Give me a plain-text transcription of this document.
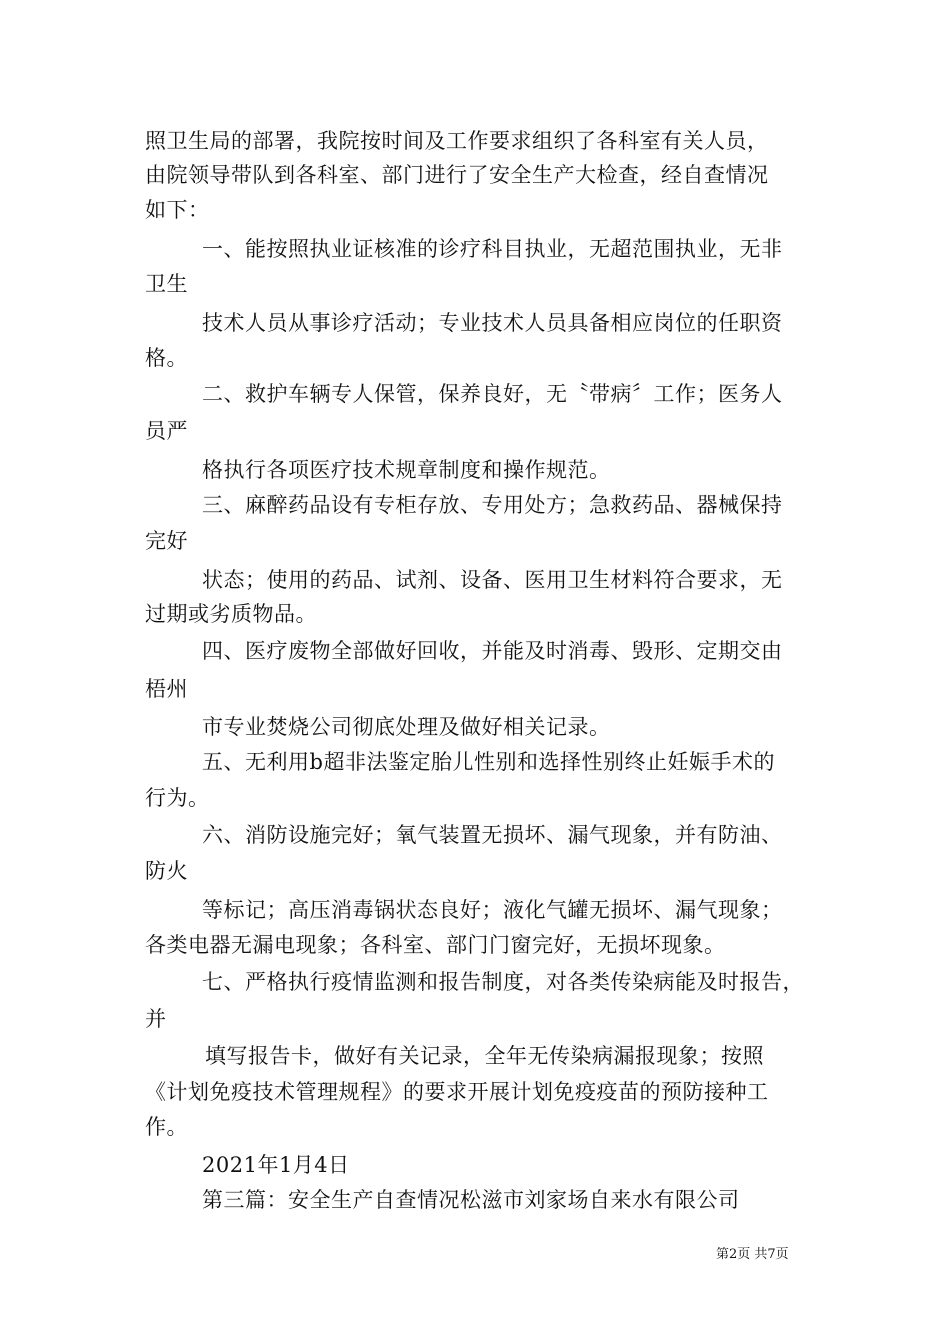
照卫生局的部署，我院按时间及工作要求组织了各科室有关人员，
由院领导带队到各科室、部门进行了安全生产大检查，经自查情况
如下：
一、能按照执业证核准的诊疗科目执业，无超范围执业，无非
卫生
技术人员从事诊疗活动；专业技术人员具备相应岗位的任职资
格。
二、救护车辆专人保管，保养良好，无〝带病〞工作；医务人
员严
格执行各项医疗技术规章制度和操作规范。
三、麻醉药品设有专柜存放、专用处方；急救药品、器械保持
完好
状态；使用的药品、试剂、设备、医用卫生材料符合要求，无
过期或劣质物品。
四、医疗废物全部做好回收，并能及时消毒、毁形、定期交由
梧州
市专业焚烧公司彻底处理及做好相关记录。
五、无利用b超非法鉴定胎儿性别和选择性别终止妊娠手术的
行为。
六、消防设施完好；氧气装置无损坏、漏气现象，并有防油、
防火
等标记；高压消毒锅状态良好；液化气罐无损坏、漏气现象；
各类电器无漏电现象；各科室、部门门窗完好，无损坏现象。
七、严格执行疫情监测和报告制度，对各类传染病能及时报告，
并
填写报告卡，做好有关记录，全年无传染病漏报现象；按照
《计划免疫技术管理规程》的要求开展计划免疫疫苗的预防接种工
作。
2021年1月4日
第三篇：安全生产自查情况松滋市刘家场自来水有限公司
第2页 共7页
